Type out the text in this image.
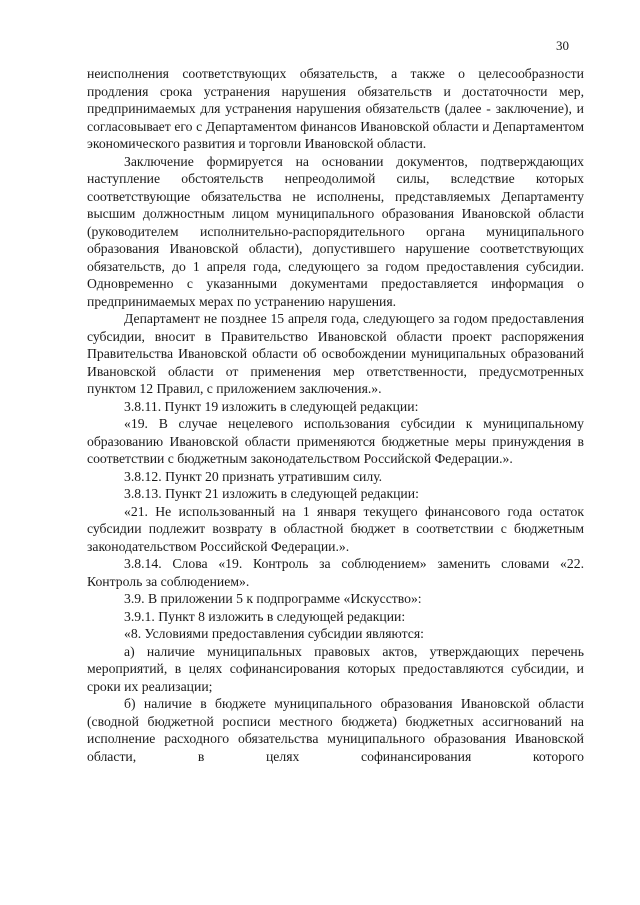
30

неисполнения соответствующих обязательств, а также о целесообразности продления срока устранения нарушения обязательств и достаточности мер, предпринимаемых для устранения нарушения обязательств (далее - заключение), и согласовывает его с Департаментом финансов Ивановской области и Департаментом экономического развития и торговли Ивановской области.

Заключение формируется на основании документов, подтверждающих наступление обстоятельств непреодолимой силы, вследствие которых соответствующие обязательства не исполнены, представляемых Департаменту высшим должностным лицом муниципального образования Ивановской области (руководителем исполнительно-распорядительного органа муниципального образования Ивановской области), допустившего нарушение соответствующих обязательств, до 1 апреля года, следующего за годом предоставления субсидии. Одновременно с указанными документами предоставляется информация о предпринимаемых мерах по устранению нарушения.

Департамент не позднее 15 апреля года, следующего за годом предоставления субсидии, вносит в Правительство Ивановской области проект распоряжения Правительства Ивановской области об освобождении муниципальных образований Ивановской области от применения мер ответственности, предусмотренных пунктом 12 Правил, с приложением заключения.».

3.8.11. Пункт 19 изложить в следующей редакции:

«19. В случае нецелевого использования субсидии к муниципальному образованию Ивановской области применяются бюджетные меры принуждения в соответствии с бюджетным законодательством Российской Федерации.».

3.8.12. Пункт 20 признать утратившим силу.

3.8.13. Пункт 21 изложить в следующей редакции:

«21. Не использованный на 1 января текущего финансового года остаток субсидии подлежит возврату в областной бюджет в соответствии с бюджетным законодательством Российской Федерации.».

3.8.14. Слова «19. Контроль за соблюдением» заменить словами «22. Контроль за соблюдением».

3.9. В приложении 5 к подпрограмме «Искусство»:

3.9.1. Пункт 8 изложить в следующей редакции:

«8. Условиями предоставления субсидии являются:

а) наличие муниципальных правовых актов, утверждающих перечень мероприятий, в целях софинансирования которых предоставляются субсидии, и сроки их реализации;

б) наличие в бюджете муниципального образования Ивановской области (сводной бюджетной росписи местного бюджета) бюджетных ассигнований на исполнение расходного обязательства муниципального образования Ивановской области, в целях софинансирования которого
